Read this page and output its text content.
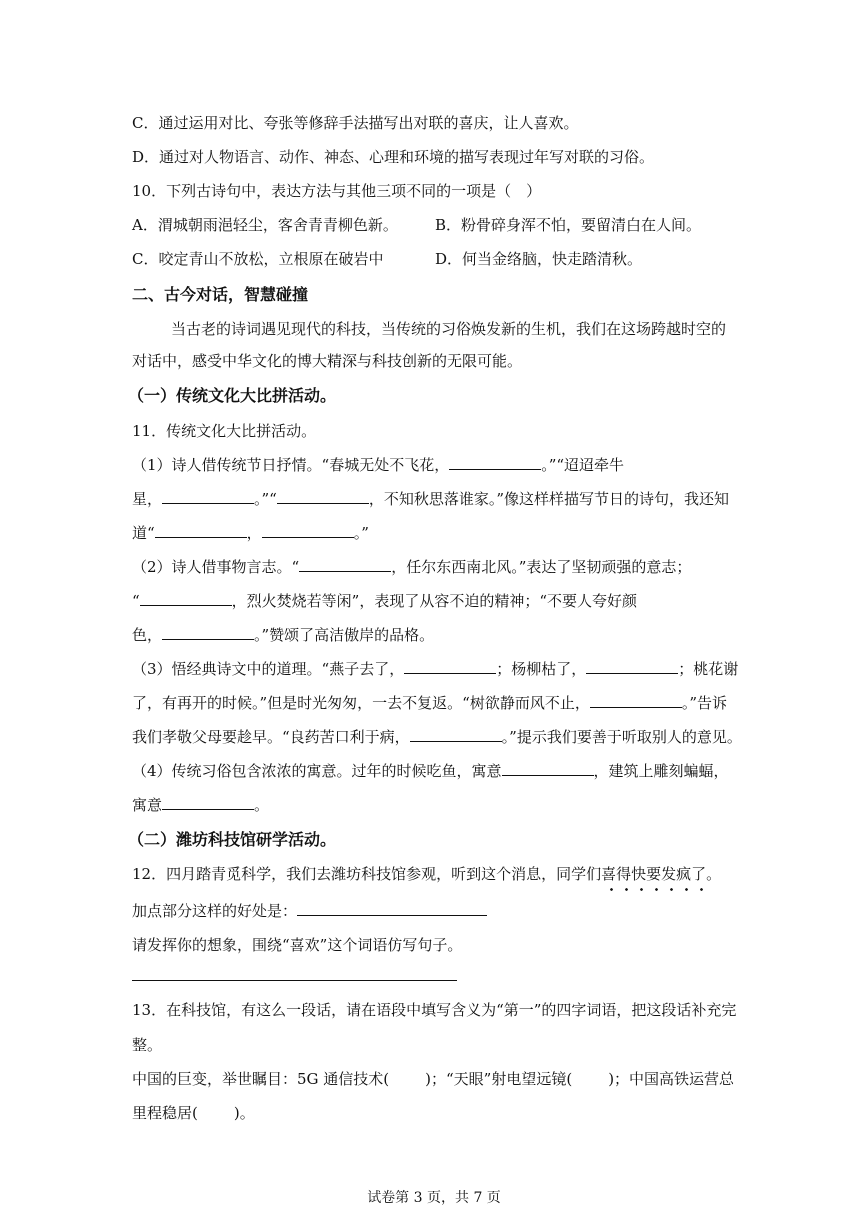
C．通过运用对比、夸张等修辞手法描写出对联的喜庆，让人喜欢。
D．通过对人物语言、动作、神态、心理和环境的描写表现过年写对联的习俗。
10．下列古诗句中，表达方法与其他三项不同的一项是（　）
A．渭城朝雨浥轻尘，客舍青青柳色新。 B．粉骨碎身浑不怕，要留清白在人间。
C．咬定青山不放松，立根原在破岩中	D．何当金络脑，快走踏清秋。
二、古今对话，智慧碰撞
当古老的诗词遇见现代的科技，当传统的习俗焕发新的生机，我们在这场跨越时空的
对话中，感受中华文化的博大精深与科技创新的无限可能。
（一）传统文化大比拼活动。
11．传统文化大比拼活动。
（1）诗人借传统节日抒情。“春城无处不飞花，	。”“迢迢牵牛
星，	。”“	，不知秋思落谁家。”像这样样描写节日的诗句，我还知
道“	，	。”
（2）诗人借事物言志。“	，任尔东西南北风。”表达了坚韧顽强的意志；
“	，烈火焚烧若等闲”，表现了从容不迫的精神；“不要人夸好颜
色，	。”赞颂了高洁傲岸的品格。
（3）悟经典诗文中的道理。“燕子去了，	；杨柳枯了，	；桃花谢
了，有再开的时候。”但是时光匆匆，一去不复返。“树欲静而风不止，	。”告诉
我们孝敬父母要趁早。“良药苦口利于病，	。”提示我们要善于听取别人的意见。
（4）传统习俗包含浓浓的寓意。过年的时候吃鱼，寓意	，建筑上雕刻蝙蝠，
寓意	。
（二）潍坊科技馆研学活动。
12．四月踏青觅科学，我们去潍坊科技馆参观，听到这个消息，同学们喜得快要发疯了。
加点部分这样的好处是：
请发挥你的想象，围绕“喜欢”这个词语仿写句子。
13．在科技馆，有这么一段话，请在语段中填写含义为“第一”的四字词语，把这段话补充完
整。
中国的巨变，举世瞩目：5G 通信技术( )；“天眼”射电望远镜( )；中国高铁运营总
里程稳居( )。
试卷第 3 页，共 7 页
